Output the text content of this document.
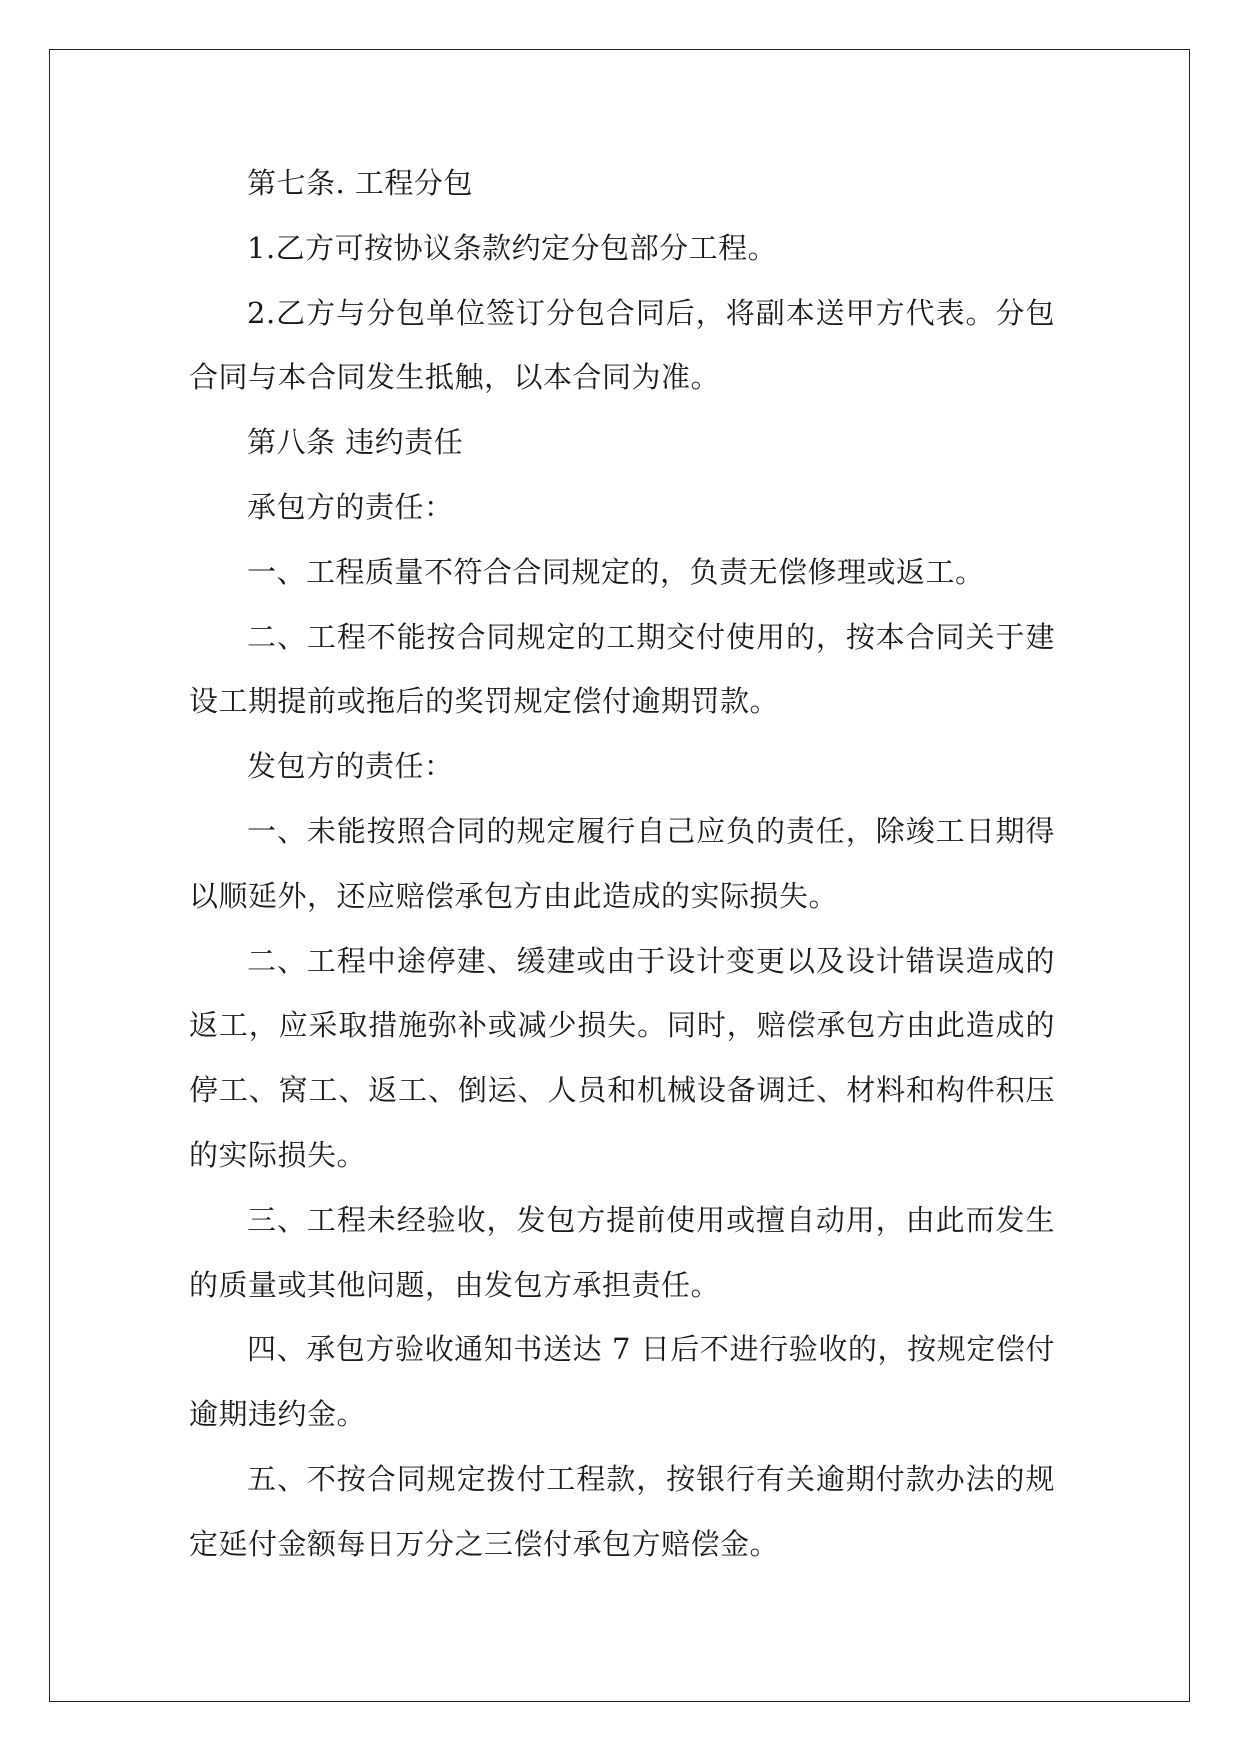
第七条. 工程分包

1.乙方可按协议条款约定分包部分工程。

2.乙方与分包单位签订分包合同后，将副本送甲方代表。分包合同与本合同发生抵触，以本合同为准。

第八条 违约责任

承包方的责任：

一、工程质量不符合合同规定的，负责无偿修理或返工。

二、工程不能按合同规定的工期交付使用的，按本合同关于建设工期提前或拖后的奖罚规定偿付逾期罚款。

发包方的责任：

一、未能按照合同的规定履行自己应负的责任，除竣工日期得以顺延外，还应赔偿承包方由此造成的实际损失。

二、工程中途停建、缓建或由于设计变更以及设计错误造成的返工，应采取措施弥补或减少损失。同时，赔偿承包方由此造成的停工、窝工、返工、倒运、人员和机械设备调迁、材料和构件积压的实际损失。

三、工程未经验收，发包方提前使用或擅自动用，由此而发生的质量或其他问题，由发包方承担责任。

四、承包方验收通知书送达 7 日后不进行验收的，按规定偿付逾期违约金。

五、不按合同规定拨付工程款，按银行有关逾期付款办法的规定延付金额每日万分之三偿付承包方赔偿金。
